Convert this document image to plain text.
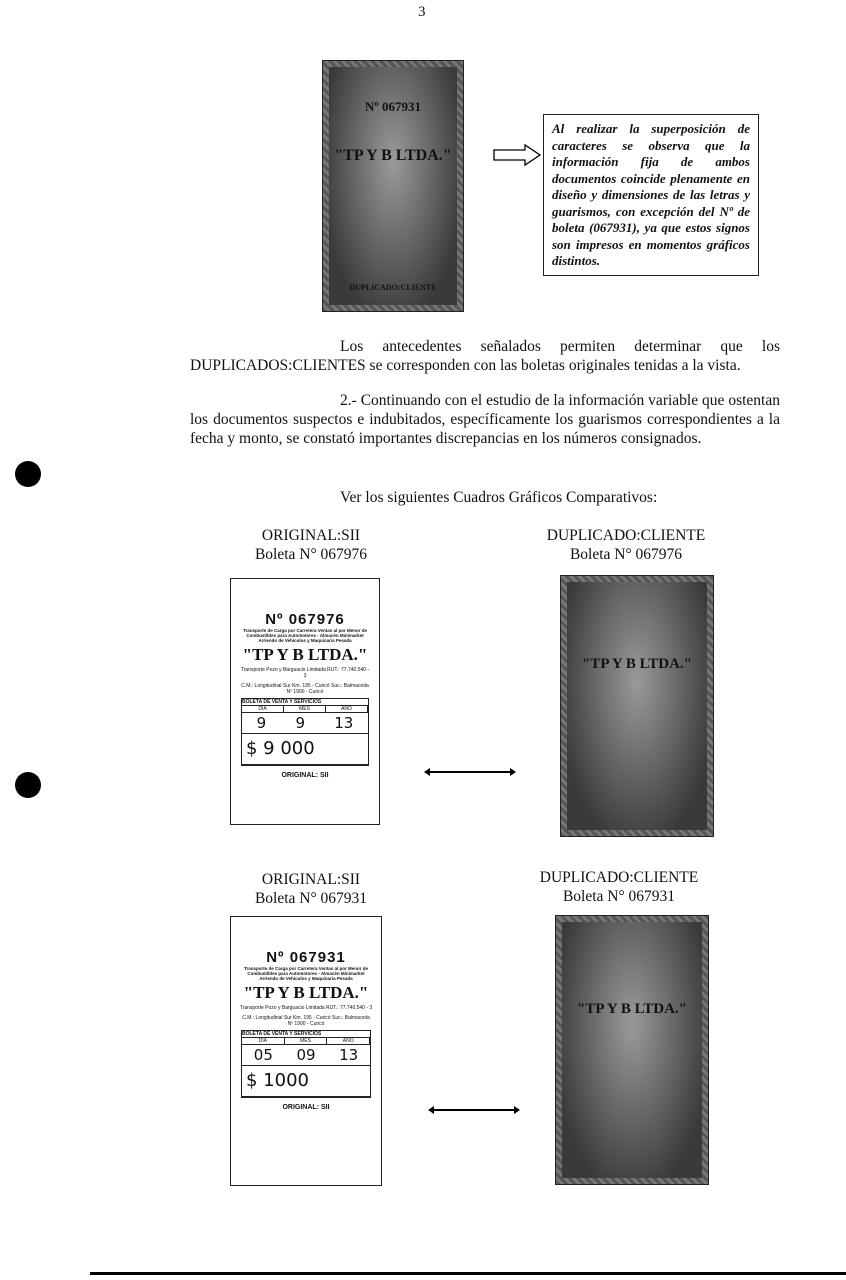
3
Nº 067931
"TP Y B LTDA."
DUPLICADO:CLIENTE
Al realizar la superposición de caracteres se observa que la información fija de ambos documentos coincide plenamente en diseño y dimensiones de las letras y guarismos, con excepción del Nº de boleta (067931), ya que estos signos son impresos en momentos gráficos distintos.
Los antecedentes señalados permiten determinar que los DUPLICADOS:CLIENTES se corresponden con las boletas originales tenidas a la vista.
2.- Continuando con el estudio de la información variable que ostentan los documentos suspectos e indubitados, específicamente los guarismos correspondientes a la fecha y monto, se constató importantes discrepancias en los números consignados.
Ver los siguientes Cuadros Gráficos Comparativos:
ORIGINAL:SII
Boleta N° 067976
DUPLICADO:CLIENTE
Boleta N° 067976
Nº 067976
Transporte de Carga por Carretera Ventas al por Menor de Combustibles para Automotores - Almacén Minimarket Arriendo de Vehículos y Maquinaria Pesada
"TP Y B LTDA."
Transporte Pozo y Barguacio Limitada RUT.: 77.740.540 - 3
C.M.: Longitudinal Sur Km. 195 - Curicó Suc.: Balmaceda Nº 1900 - Curicó
BOLETA DE VENTA Y SERVICIOS
DIA	MES	AÑO
9 9 13
$ 9 000
ORIGINAL: SII
"TP Y B LTDA."
ORIGINAL:SII
Boleta N° 067931
DUPLICADO:CLIENTE
Boleta N° 067931
Nº 067931
Transporte de Carga por Carretera Ventas al por Menor de Combustibles para Automotores - Almacén Minimarket Arriendo de Vehículos y Maquinaria Pesada
"TP Y B LTDA."
Transporte Pozo y Barguacio Limitada RUT.: 77.740.540 - 3
C.M.: Longitudinal Sur Km. 195 - Curicó Suc.: Balmaceda Nº 1900 - Curicó
BOLETA DE VENTA Y SERVICIOS
DIA	MES	AÑO
05 09 13
$ 1000
ORIGINAL: SII
"TP Y B LTDA."
